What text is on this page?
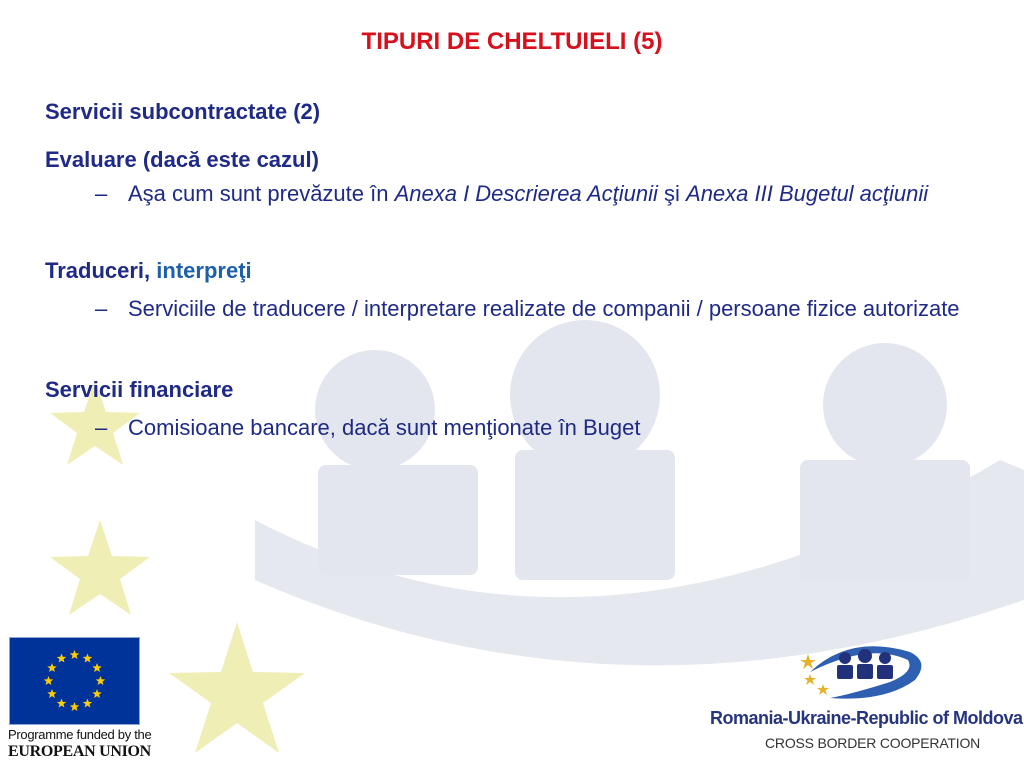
TIPURI DE CHELTUIELI (5)

Servicii subcontractate (2)

Evaluare (dacă este cazul)

– Aşa cum sunt prevăzute în Anexa I Descrierea Acţiunii şi Anexa III Bugetul acţiunii

Traduceri, interpreţi

– Serviciile de traducere / interpretare realizate de companii / persoane fizice autorizate

Servicii financiare

– Comisioane bancare, dacă sunt menţionate în Buget

Programme funded by the
EUROPEAN UNION
Romania-Ukraine-Republic of Moldova
CROSS BORDER COOPERATION
